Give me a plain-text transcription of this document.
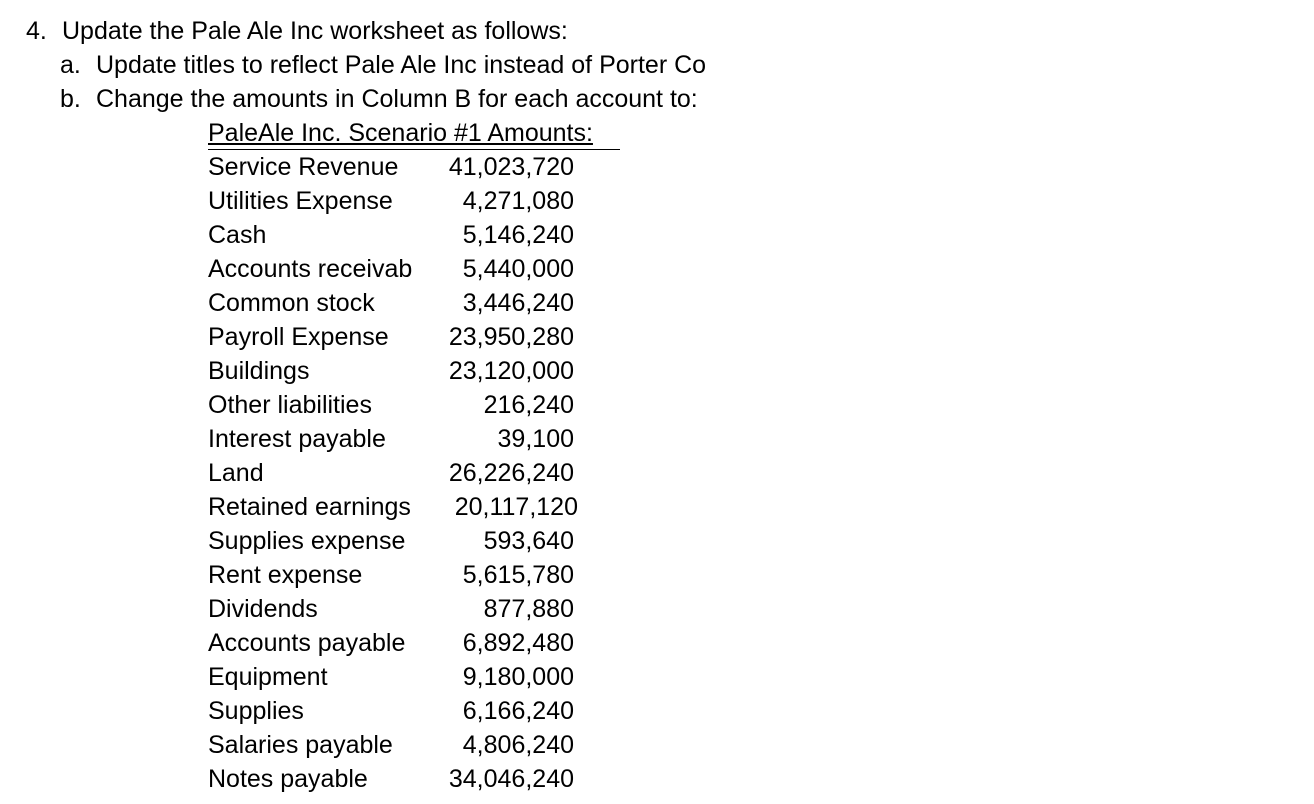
4. Update the Pale Ale Inc worksheet as follows:
a. Update titles to reflect Pale Ale Inc instead of Porter Co
b. Change the amounts in Column B for each account to:
PaleAle Inc. Scenario #1 Amounts:
Service Revenue 41,023,720
Utilities Expense	4,271,080
Cash	5,146,240
Accounts receivab 5,440,000
Common stock	3,446,240
Payroll Expense 23,950,280
Buildings	23,120,000
Other liabilities	216,240
Interest payable	39,100
Land	26,226,240
Retained earnings 20,117,120
Supplies expense	593,640
Rent expense	5,615,780
Dividends	877,880
Accounts payable 6,892,480
Equipment	9,180,000
Supplies	6,166,240
Salaries payable	4,806,240
Notes payable	34,046,240
